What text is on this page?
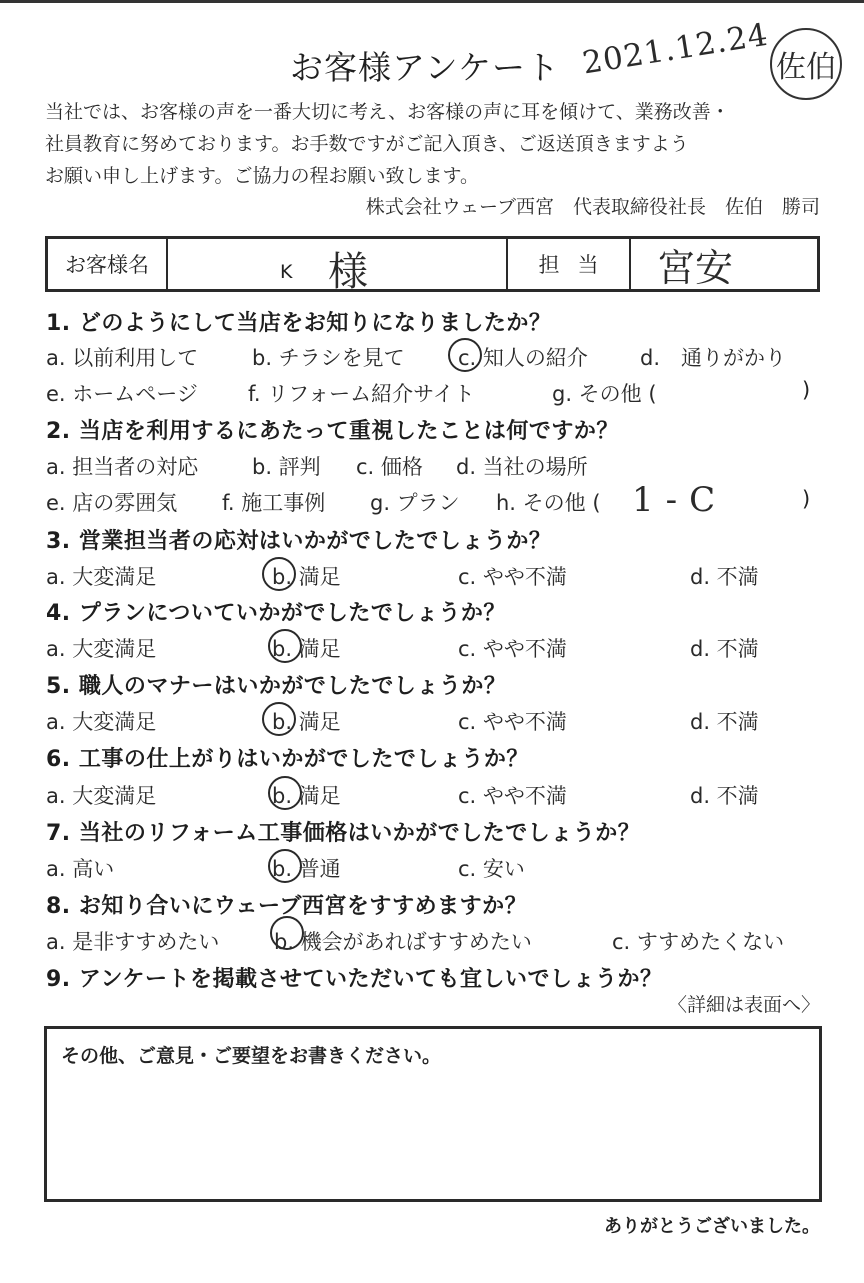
お客様アンケート 2021.12.24 佐伯
当社では、お客様の声を一番大切に考え、お客様の声に耳を傾けて、業務改善・
社員教育に努めております。お手数ですがご記入頂き、ご返送頂きますよう
お願い申し上げます。ご協力の程お願い致します。
株式会社ウェーブ西宮　代表取締役社長　佐伯　勝司
お客様名	K 様	担当	宮安
1. どのようにして当店をお知りになりましたか？
a. 以前利用して	b. チラシを見て	c. 知人の紹介 d.　通りがかり
e. ホームページ f. リフォーム紹介サイト	g. その他 (	)
2. 当店を利用するにあたって重視したことは何ですか？
a. 担当者の対応	b. 評判 c. 価格 d. 当社の場所
e. 店の雰囲気 f. 施工事例 g. プラン h. その他 ( 1-C	)
3. 営業担当者の応対はいかがでしたでしょうか？
a. 大変満足	b. 満足	c. やや不満	d. 不満
4. プランについていかがでしたでしょうか？
a. 大変満足	b. 満足	c. やや不満	d. 不満
5. 職人のマナーはいかがでしたでしょうか？
a. 大変満足	b. 満足	c. やや不満	d. 不満
6. 工事の仕上がりはいかがでしたでしょうか？
a. 大変満足	b. 満足	c. やや不満	d. 不満
7. 当社のリフォーム工事価格はいかがでしたでしょうか？
a. 高い	b. 普通	c. 安い
8. お知り合いにウェーブ西宮をすすめますか？
a. 是非すすめたい	b. 機会があればすすめたい	c. すすめたくない
9. アンケートを掲載させていただいても宜しいでしょうか？
〈詳細は表面へ〉
その他、ご意見・ご要望をお書きください。
ありがとうございました。
